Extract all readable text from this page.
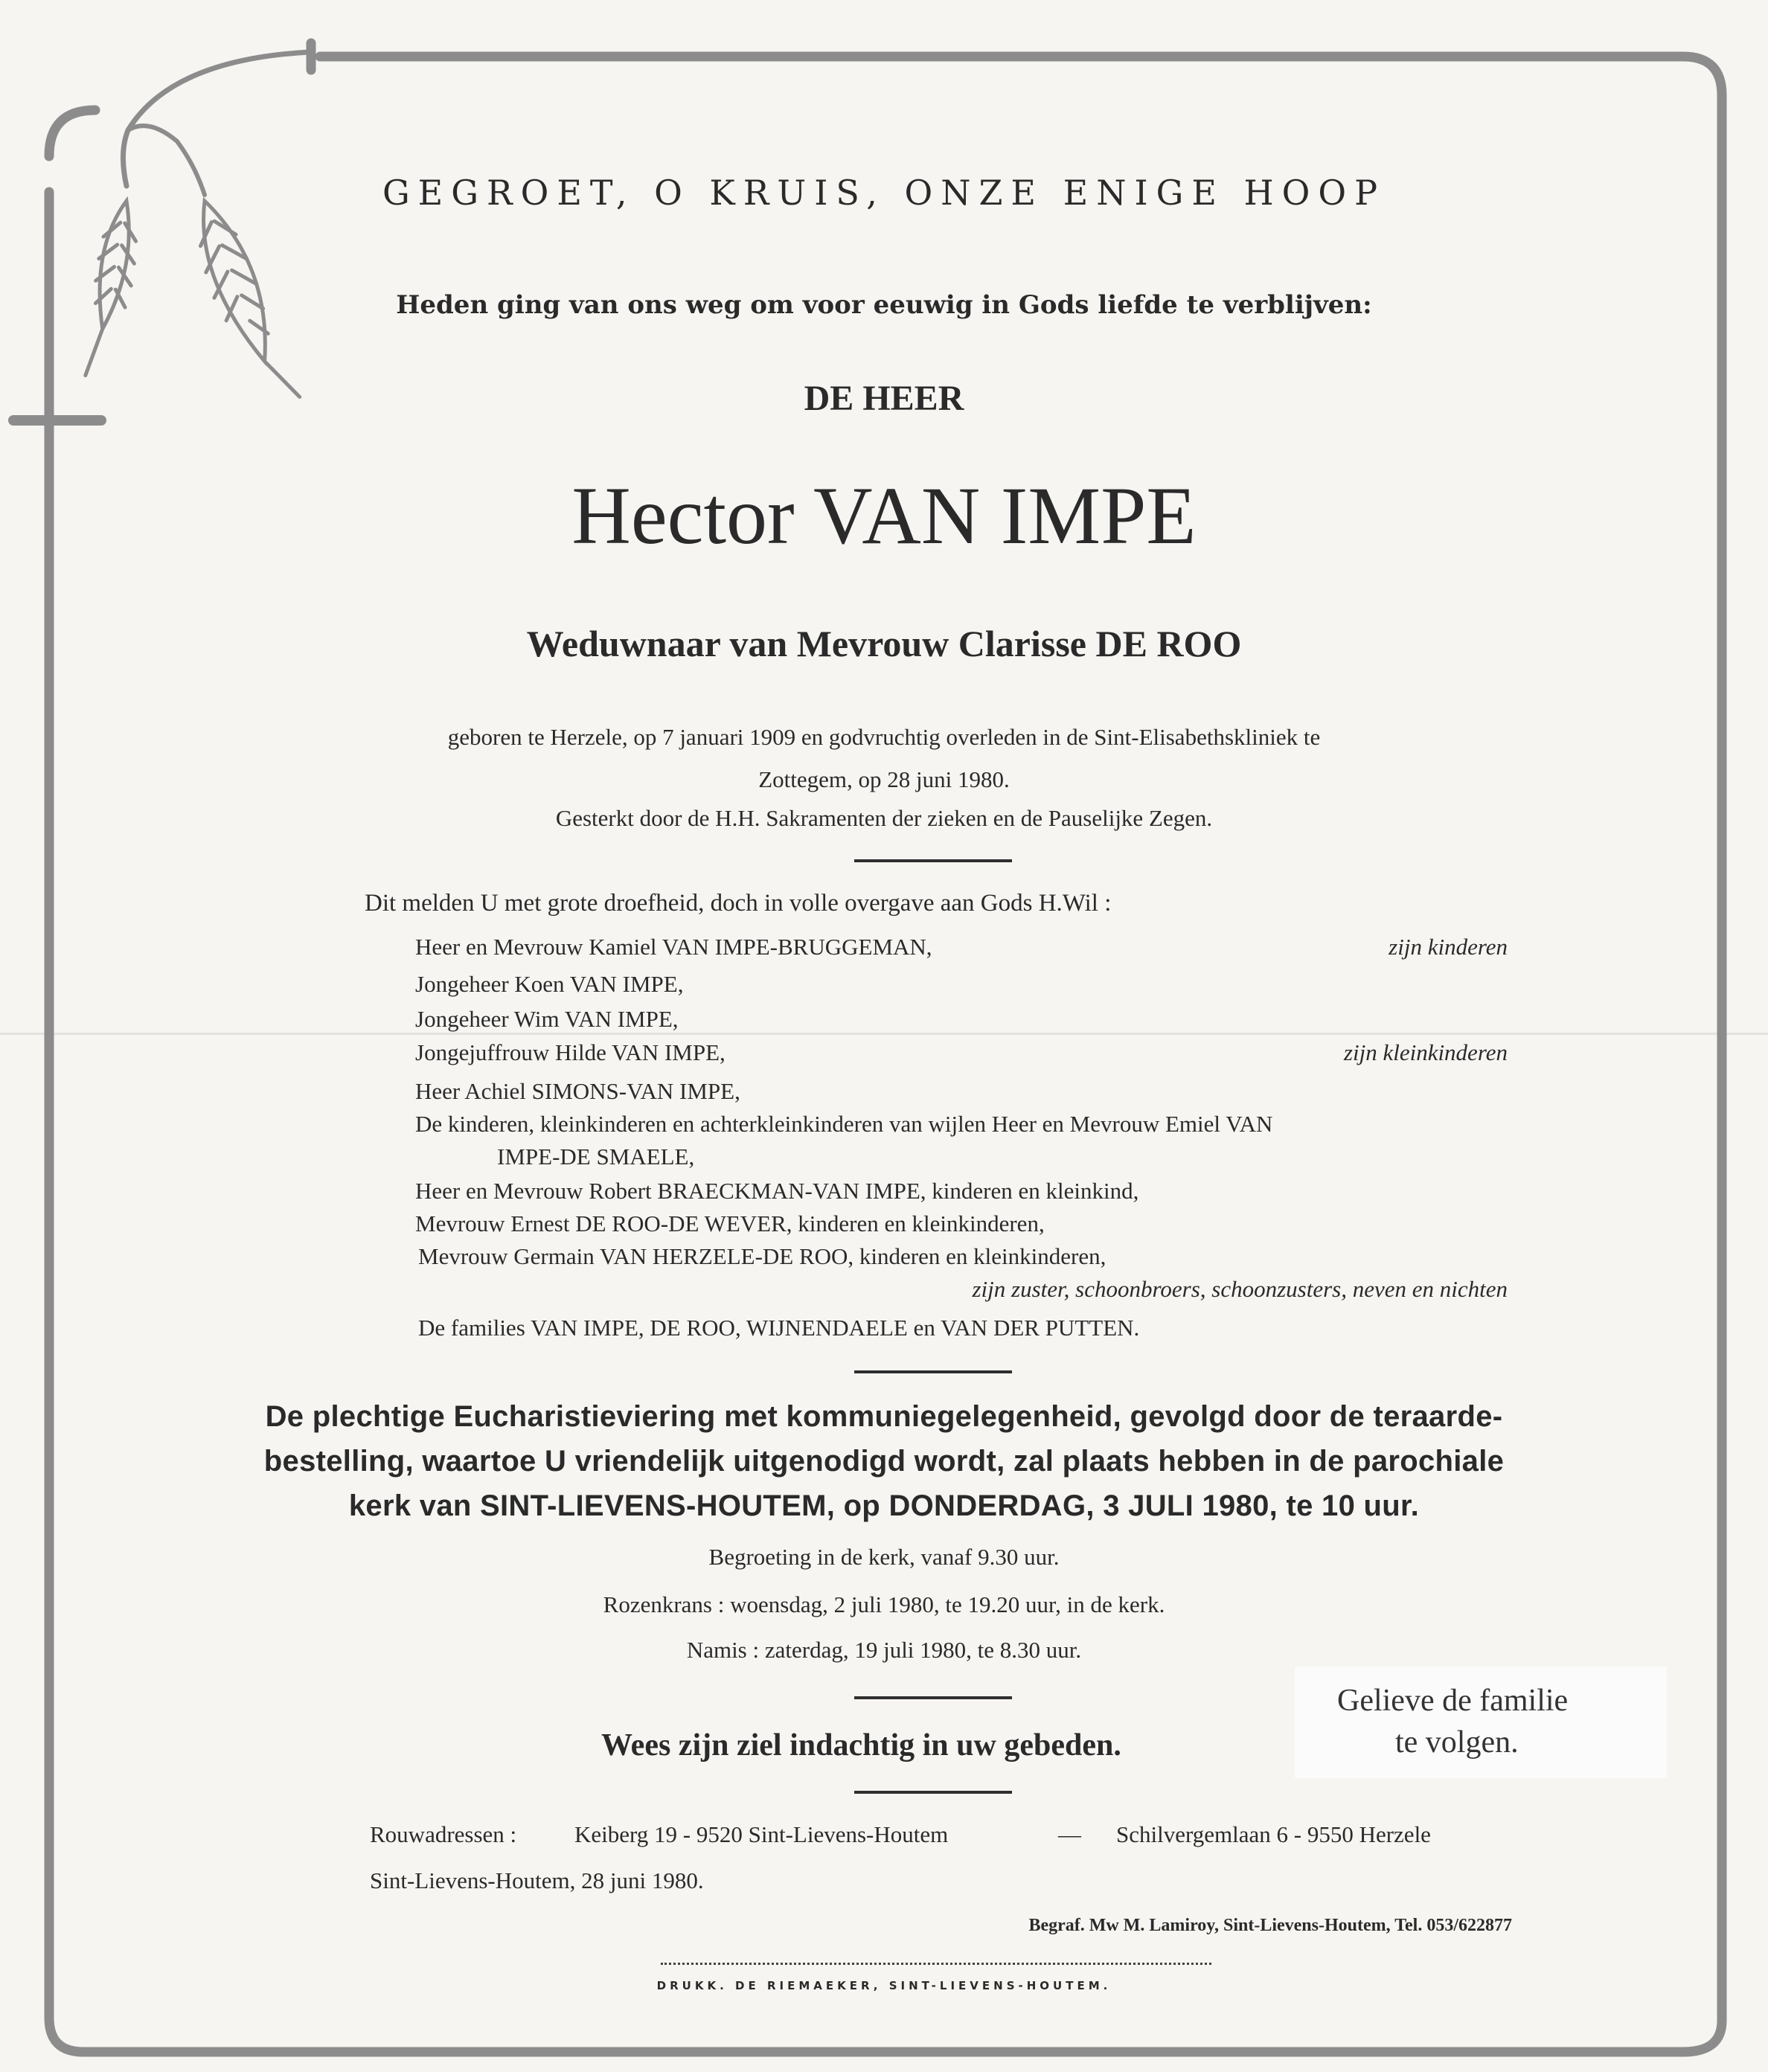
GEGROET, O KRUIS, ONZE ENIGE HOOP
Heden ging van ons weg om voor eeuwig in Gods liefde te verblijven:
DE HEER
Hector VAN IMPE
Weduwnaar van Mevrouw Clarisse DE ROO
geboren te Herzele, op 7 januari 1909 en godvruchtig overleden in de Sint-Elisabethskliniek te
Zottegem, op 28 juni 1980.
Gesterkt door de H.H. Sakramenten der zieken en de Pauselijke Zegen.
Dit melden U met grote droefheid, doch in volle overgave aan Gods H.Wil :
Heer en Mevrouw Kamiel VAN IMPE-BRUGGEMAN,	zijn kinderen
Jongeheer Koen VAN IMPE,
Jongeheer Wim VAN IMPE,
Jongejuffrouw Hilde VAN IMPE,	zijn kleinkinderen
Heer Achiel SIMONS-VAN IMPE,
De kinderen, kleinkinderen en achterkleinkinderen van wijlen Heer en Mevrouw Emiel VAN
IMPE-DE SMAELE,
Heer en Mevrouw Robert BRAECKMAN-VAN IMPE, kinderen en kleinkind,
Mevrouw Ernest DE ROO-DE WEVER, kinderen en kleinkinderen,
Mevrouw Germain VAN HERZELE-DE ROO, kinderen en kleinkinderen,
zijn zuster, schoonbroers, schoonzusters, neven en nichten
De families VAN IMPE, DE ROO, WIJNENDAELE en VAN DER PUTTEN.
De plechtige Eucharistieviering met kommuniegelegenheid, gevolgd door de teraarde-
bestelling, waartoe U vriendelijk uitgenodigd wordt, zal plaats hebben in de parochiale
kerk van SINT-LIEVENS-HOUTEM, op DONDERDAG, 3 JULI 1980, te 10 uur.
Begroeting in de kerk, vanaf 9.30 uur.
Rozenkrans : woensdag, 2 juli 1980, te 19.20 uur, in de kerk.
Namis : zaterdag, 19 juli 1980, te 8.30 uur.
Gelieve de familie
te volgen.
Wees zijn ziel indachtig in uw gebeden.
Rouwadressen :	Keiberg 19 - 9520 Sint-Lievens-Houtem	— Schilvergemlaan 6 - 9550 Herzele
Sint-Lievens-Houtem, 28 juni 1980.
Begraf. Mw M. Lamiroy, Sint-Lievens-Houtem, Tel. 053/622877
DRUKK. DE RIEMAEKER, SINT-LIEVENS-HOUTEM.
